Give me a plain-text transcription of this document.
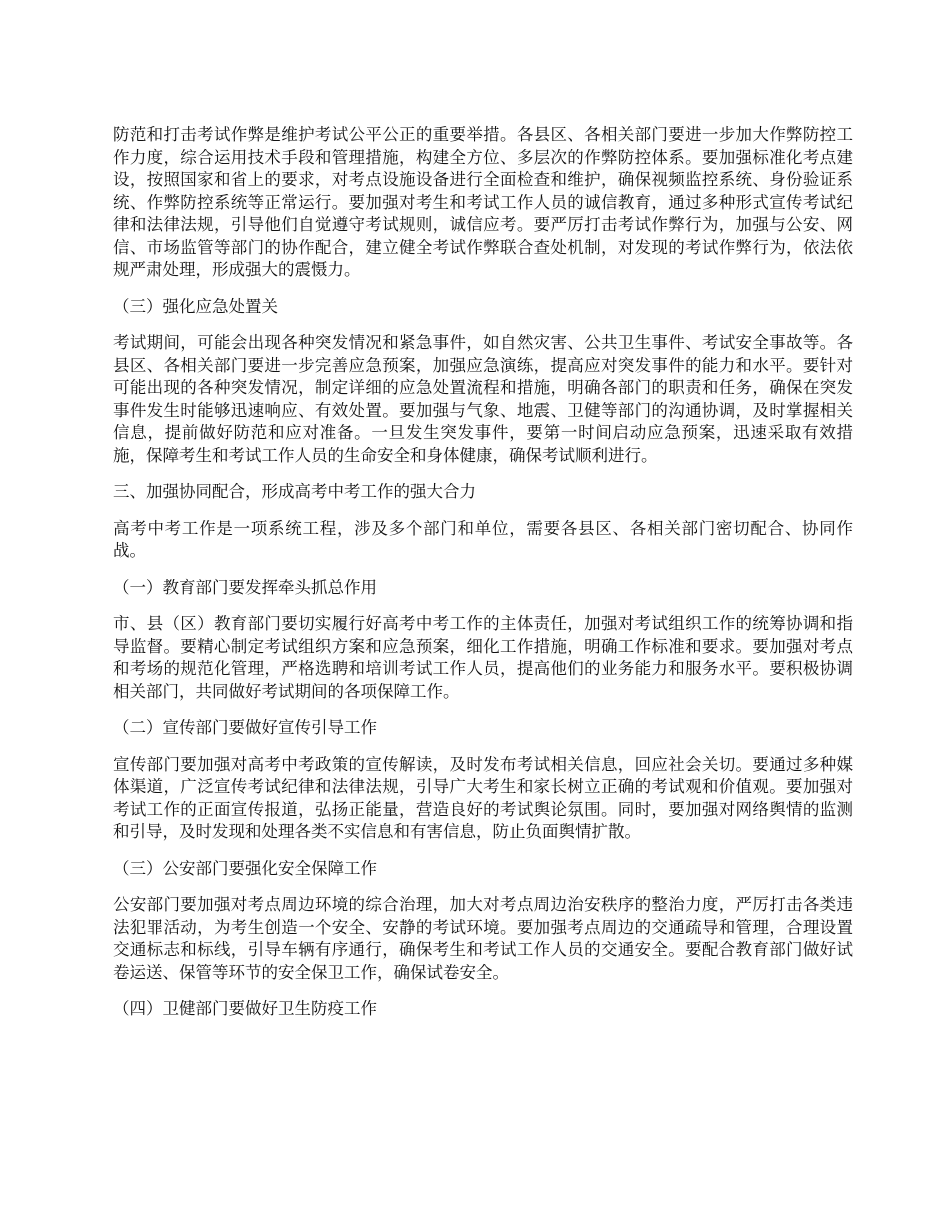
防范和打击考试作弊是维护考试公平公正的重要举措。各县区、各相关部门要进一步加大作弊防控工作力度，综合运用技术手段和管理措施，构建全方位、多层次的作弊防控体系。要加强标准化考点建设，按照国家和省上的要求，对考点设施设备进行全面检查和维护，确保视频监控系统、身份验证系统、作弊防控系统等正常运行。要加强对考生和考试工作人员的诚信教育，通过多种形式宣传考试纪律和法律法规，引导他们自觉遵守考试规则，诚信应考。要严厉打击考试作弊行为，加强与公安、网信、市场监管等部门的协作配合，建立健全考试作弊联合查处机制，对发现的考试作弊行为，依法依规严肃处理，形成强大的震慑力。

（三）强化应急处置关

考试期间，可能会出现各种突发情况和紧急事件，如自然灾害、公共卫生事件、考试安全事故等。各县区、各相关部门要进一步完善应急预案，加强应急演练，提高应对突发事件的能力和水平。要针对可能出现的各种突发情况，制定详细的应急处置流程和措施，明确各部门的职责和任务，确保在突发事件发生时能够迅速响应、有效处置。要加强与气象、地震、卫健等部门的沟通协调，及时掌握相关信息，提前做好防范和应对准备。一旦发生突发事件，要第一时间启动应急预案，迅速采取有效措施，保障考生和考试工作人员的生命安全和身体健康，确保考试顺利进行。

三、加强协同配合，形成高考中考工作的强大合力

高考中考工作是一项系统工程，涉及多个部门和单位，需要各县区、各相关部门密切配合、协同作战。

（一）教育部门要发挥牵头抓总作用

市、县（区）教育部门要切实履行好高考中考工作的主体责任，加强对考试组织工作的统筹协调和指导监督。要精心制定考试组织方案和应急预案，细化工作措施，明确工作标准和要求。要加强对考点和考场的规范化管理，严格选聘和培训考试工作人员，提高他们的业务能力和服务水平。要积极协调相关部门，共同做好考试期间的各项保障工作。

（二）宣传部门要做好宣传引导工作

宣传部门要加强对高考中考政策的宣传解读，及时发布考试相关信息，回应社会关切。要通过多种媒体渠道，广泛宣传考试纪律和法律法规，引导广大考生和家长树立正确的考试观和价值观。要加强对考试工作的正面宣传报道，弘扬正能量，营造良好的考试舆论氛围。同时，要加强对网络舆情的监测和引导，及时发现和处理各类不实信息和有害信息，防止负面舆情扩散。

（三）公安部门要强化安全保障工作

公安部门要加强对考点周边环境的综合治理，加大对考点周边治安秩序的整治力度，严厉打击各类违法犯罪活动，为考生创造一个安全、安静的考试环境。要加强考点周边的交通疏导和管理，合理设置交通标志和标线，引导车辆有序通行，确保考生和考试工作人员的交通安全。要配合教育部门做好试卷运送、保管等环节的安全保卫工作，确保试卷安全。

（四）卫健部门要做好卫生防疫工作
